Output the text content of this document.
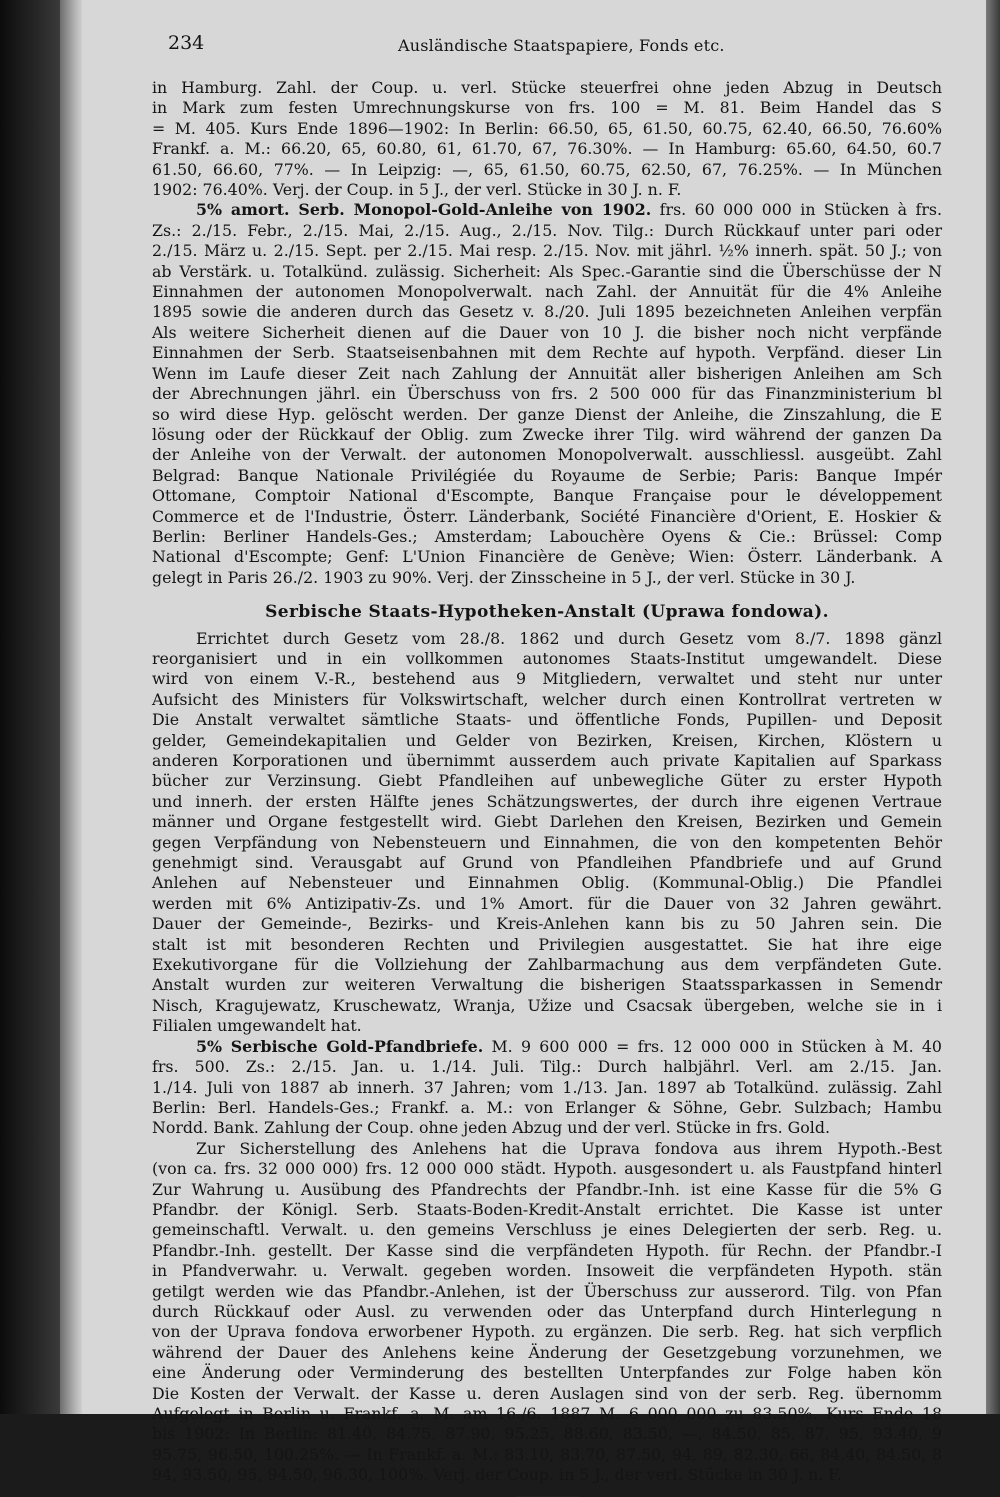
234	Ausländische Staatspapiere, Fonds etc.

in Hamburg. Zahl. der Coup. u. verl. Stücke steuerfrei ohne jeden Abzug in Deutsch

in Mark zum festen Umrechnungskurse von frs. 100 = M. 81. Beim Handel das S

= M. 405. Kurs Ende 1896—1902: In Berlin: 66.50, 65, 61.50, 60.75, 62.40, 66.50, 76.60%

Frankf. a. M.: 66.20, 65, 60.80, 61, 61.70, 67, 76.30%. — In Hamburg: 65.60, 64.50, 60.7

61.50, 66.60, 77%. — In Leipzig: —, 65, 61.50, 60.75, 62.50, 67, 76.25%. — In München

1902: 76.40%. Verj. der Coup. in 5 J., der verl. Stücke in 30 J. n. F.

5% amort. Serb. Monopol-Gold-Anleihe von 1902. frs. 60 000 000 in Stücken à frs.

Zs.: 2./15. Febr., 2./15. Mai, 2./15. Aug., 2./15. Nov. Tilg.: Durch Rückkauf unter pari oder

2./15. März u. 2./15. Sept. per 2./15. Mai resp. 2./15. Nov. mit jährl. ½% innerh. spät. 50 J.; von

ab Verstärk. u. Totalkünd. zulässig. Sicherheit: Als Spec.-Garantie sind die Überschüsse der N

Einnahmen der autonomen Monopolverwalt. nach Zahl. der Annuität für die 4% Anleihe

1895 sowie die anderen durch das Gesetz v. 8./20. Juli 1895 bezeichneten Anleihen verpfän

Als weitere Sicherheit dienen auf die Dauer von 10 J. die bisher noch nicht verpfände

Einnahmen der Serb. Staatseisenbahnen mit dem Rechte auf hypoth. Verpfänd. dieser Lin

Wenn im Laufe dieser Zeit nach Zahlung der Annuität aller bisherigen Anleihen am Sch

der Abrechnungen jährl. ein Überschuss von frs. 2 500 000 für das Finanzministerium bl

so wird diese Hyp. gelöscht werden. Der ganze Dienst der Anleihe, die Zinszahlung, die E

lösung oder der Rückkauf der Oblig. zum Zwecke ihrer Tilg. wird während der ganzen Da

der Anleihe von der Verwalt. der autonomen Monopolverwalt. ausschliessl. ausgeübt. Zahl

Belgrad: Banque Nationale Privilégiée du Royaume de Serbie; Paris: Banque Impér

Ottomane, Comptoir National d'Escompte, Banque Française pour le développement

Commerce et de l'Industrie, Österr. Länderbank, Société Financière d'Orient, E. Hoskier &

Berlin: Berliner Handels-Ges.; Amsterdam; Labouchère Oyens & Cie.: Brüssel: Comp

National d'Escompte; Genf: L'Union Financière de Genève; Wien: Österr. Länderbank. A

gelegt in Paris 26./2. 1903 zu 90%. Verj. der Zinsscheine in 5 J., der verl. Stücke in 30 J.

Serbische Staats-Hypotheken-Anstalt (Uprawa fondowa).

Errichtet durch Gesetz vom 28./8. 1862 und durch Gesetz vom 8./7. 1898 gänzl

reorganisiert und in ein vollkommen autonomes Staats-Institut umgewandelt. Diese

wird von einem V.-R., bestehend aus 9 Mitgliedern, verwaltet und steht nur unter

Aufsicht des Ministers für Volkswirtschaft, welcher durch einen Kontrollrat vertreten w

Die Anstalt verwaltet sämtliche Staats- und öffentliche Fonds, Pupillen- und Deposit

gelder, Gemeindekapitalien und Gelder von Bezirken, Kreisen, Kirchen, Klöstern u

anderen Korporationen und übernimmt ausserdem auch private Kapitalien auf Sparkass

bücher zur Verzinsung. Giebt Pfandleihen auf unbewegliche Güter zu erster Hypoth

und innerh. der ersten Hälfte jenes Schätzungswertes, der durch ihre eigenen Vertraue

männer und Organe festgestellt wird. Giebt Darlehen den Kreisen, Bezirken und Gemein

gegen Verpfändung von Nebensteuern und Einnahmen, die von den kompetenten Behör

genehmigt sind. Verausgabt auf Grund von Pfandleihen Pfandbriefe und auf Grund

Anlehen auf Nebensteuer und Einnahmen Oblig. (Kommunal-Oblig.) Die Pfandlei

werden mit 6% Antizipativ-Zs. und 1% Amort. für die Dauer von 32 Jahren gewährt.

Dauer der Gemeinde-, Bezirks- und Kreis-Anlehen kann bis zu 50 Jahren sein. Die

stalt ist mit besonderen Rechten und Privilegien ausgestattet. Sie hat ihre eige

Exekutivorgane für die Vollziehung der Zahlbarmachung aus dem verpfändeten Gute.

Anstalt wurden zur weiteren Verwaltung die bisherigen Staatssparkassen in Semendr

Nisch, Kragujewatz, Kruschewatz, Wranja, Užize und Csacsak übergeben, welche sie in i

Filialen umgewandelt hat.

5% Serbische Gold-Pfandbriefe. M. 9 600 000 = frs. 12 000 000 in Stücken à M. 40

frs. 500. Zs.: 2./15. Jan. u. 1./14. Juli. Tilg.: Durch halbjährl. Verl. am 2./15. Jan.

1./14. Juli von 1887 ab innerh. 37 Jahren; vom 1./13. Jan. 1897 ab Totalkünd. zulässig. Zahl

Berlin: Berl. Handels-Ges.; Frankf. a. M.: von Erlanger & Söhne, Gebr. Sulzbach; Hambu

Nordd. Bank. Zahlung der Coup. ohne jeden Abzug und der verl. Stücke in frs. Gold.

Zur Sicherstellung des Anlehens hat die Uprava fondova aus ihrem Hypoth.-Best

(von ca. frs. 32 000 000) frs. 12 000 000 städt. Hypoth. ausgesondert u. als Faustpfand hinterl

Zur Wahrung u. Ausübung des Pfandrechts der Pfandbr.-Inh. ist eine Kasse für die 5% G

Pfandbr. der Königl. Serb. Staats-Boden-Kredit-Anstalt errichtet. Die Kasse ist unter

gemeinschaftl. Verwalt. u. den gemeins Verschluss je eines Delegierten der serb. Reg. u.

Pfandbr.-Inh. gestellt. Der Kasse sind die verpfändeten Hypoth. für Rechn. der Pfandbr.-I

in Pfandverwahr. u. Verwalt. gegeben worden. Insoweit die verpfändeten Hypoth. stän

getilgt werden wie das Pfandbr.-Anlehen, ist der Überschuss zur ausserord. Tilg. von Pfan

durch Rückkauf oder Ausl. zu verwenden oder das Unterpfand durch Hinterlegung n

von der Uprava fondova erworbener Hypoth. zu ergänzen. Die serb. Reg. hat sich verpflich

während der Dauer des Anlehens keine Änderung der Gesetzgebung vorzunehmen, we

eine Änderung oder Verminderung des bestellten Unterpfandes zur Folge haben kön

Die Kosten der Verwalt. der Kasse u. deren Auslagen sind von der serb. Reg. übernomm

Aufgelegt in Berlin u. Frankf. a. M. am 16./6. 1887 M. 6 000 000 zu 83.50%. Kurs Ende 18

bis 1902: In Berlin: 81.40, 84.75, 87.90, 95.25, 88.60, 83.50, —, 84.50, 85, 87, 95, 93.40, 9

95.75, 96.50, 100.25%. — In Frankf. a. M.: 83.10, 83.70, 87.50, 94, 89, 82.30, 66, 84.40, 84.50, 8

94, 93.50, 95, 94.50, 96.30, 100%. Verj. der Coup. in 5 J., der verl. Stücke in 30 J. n. F.
